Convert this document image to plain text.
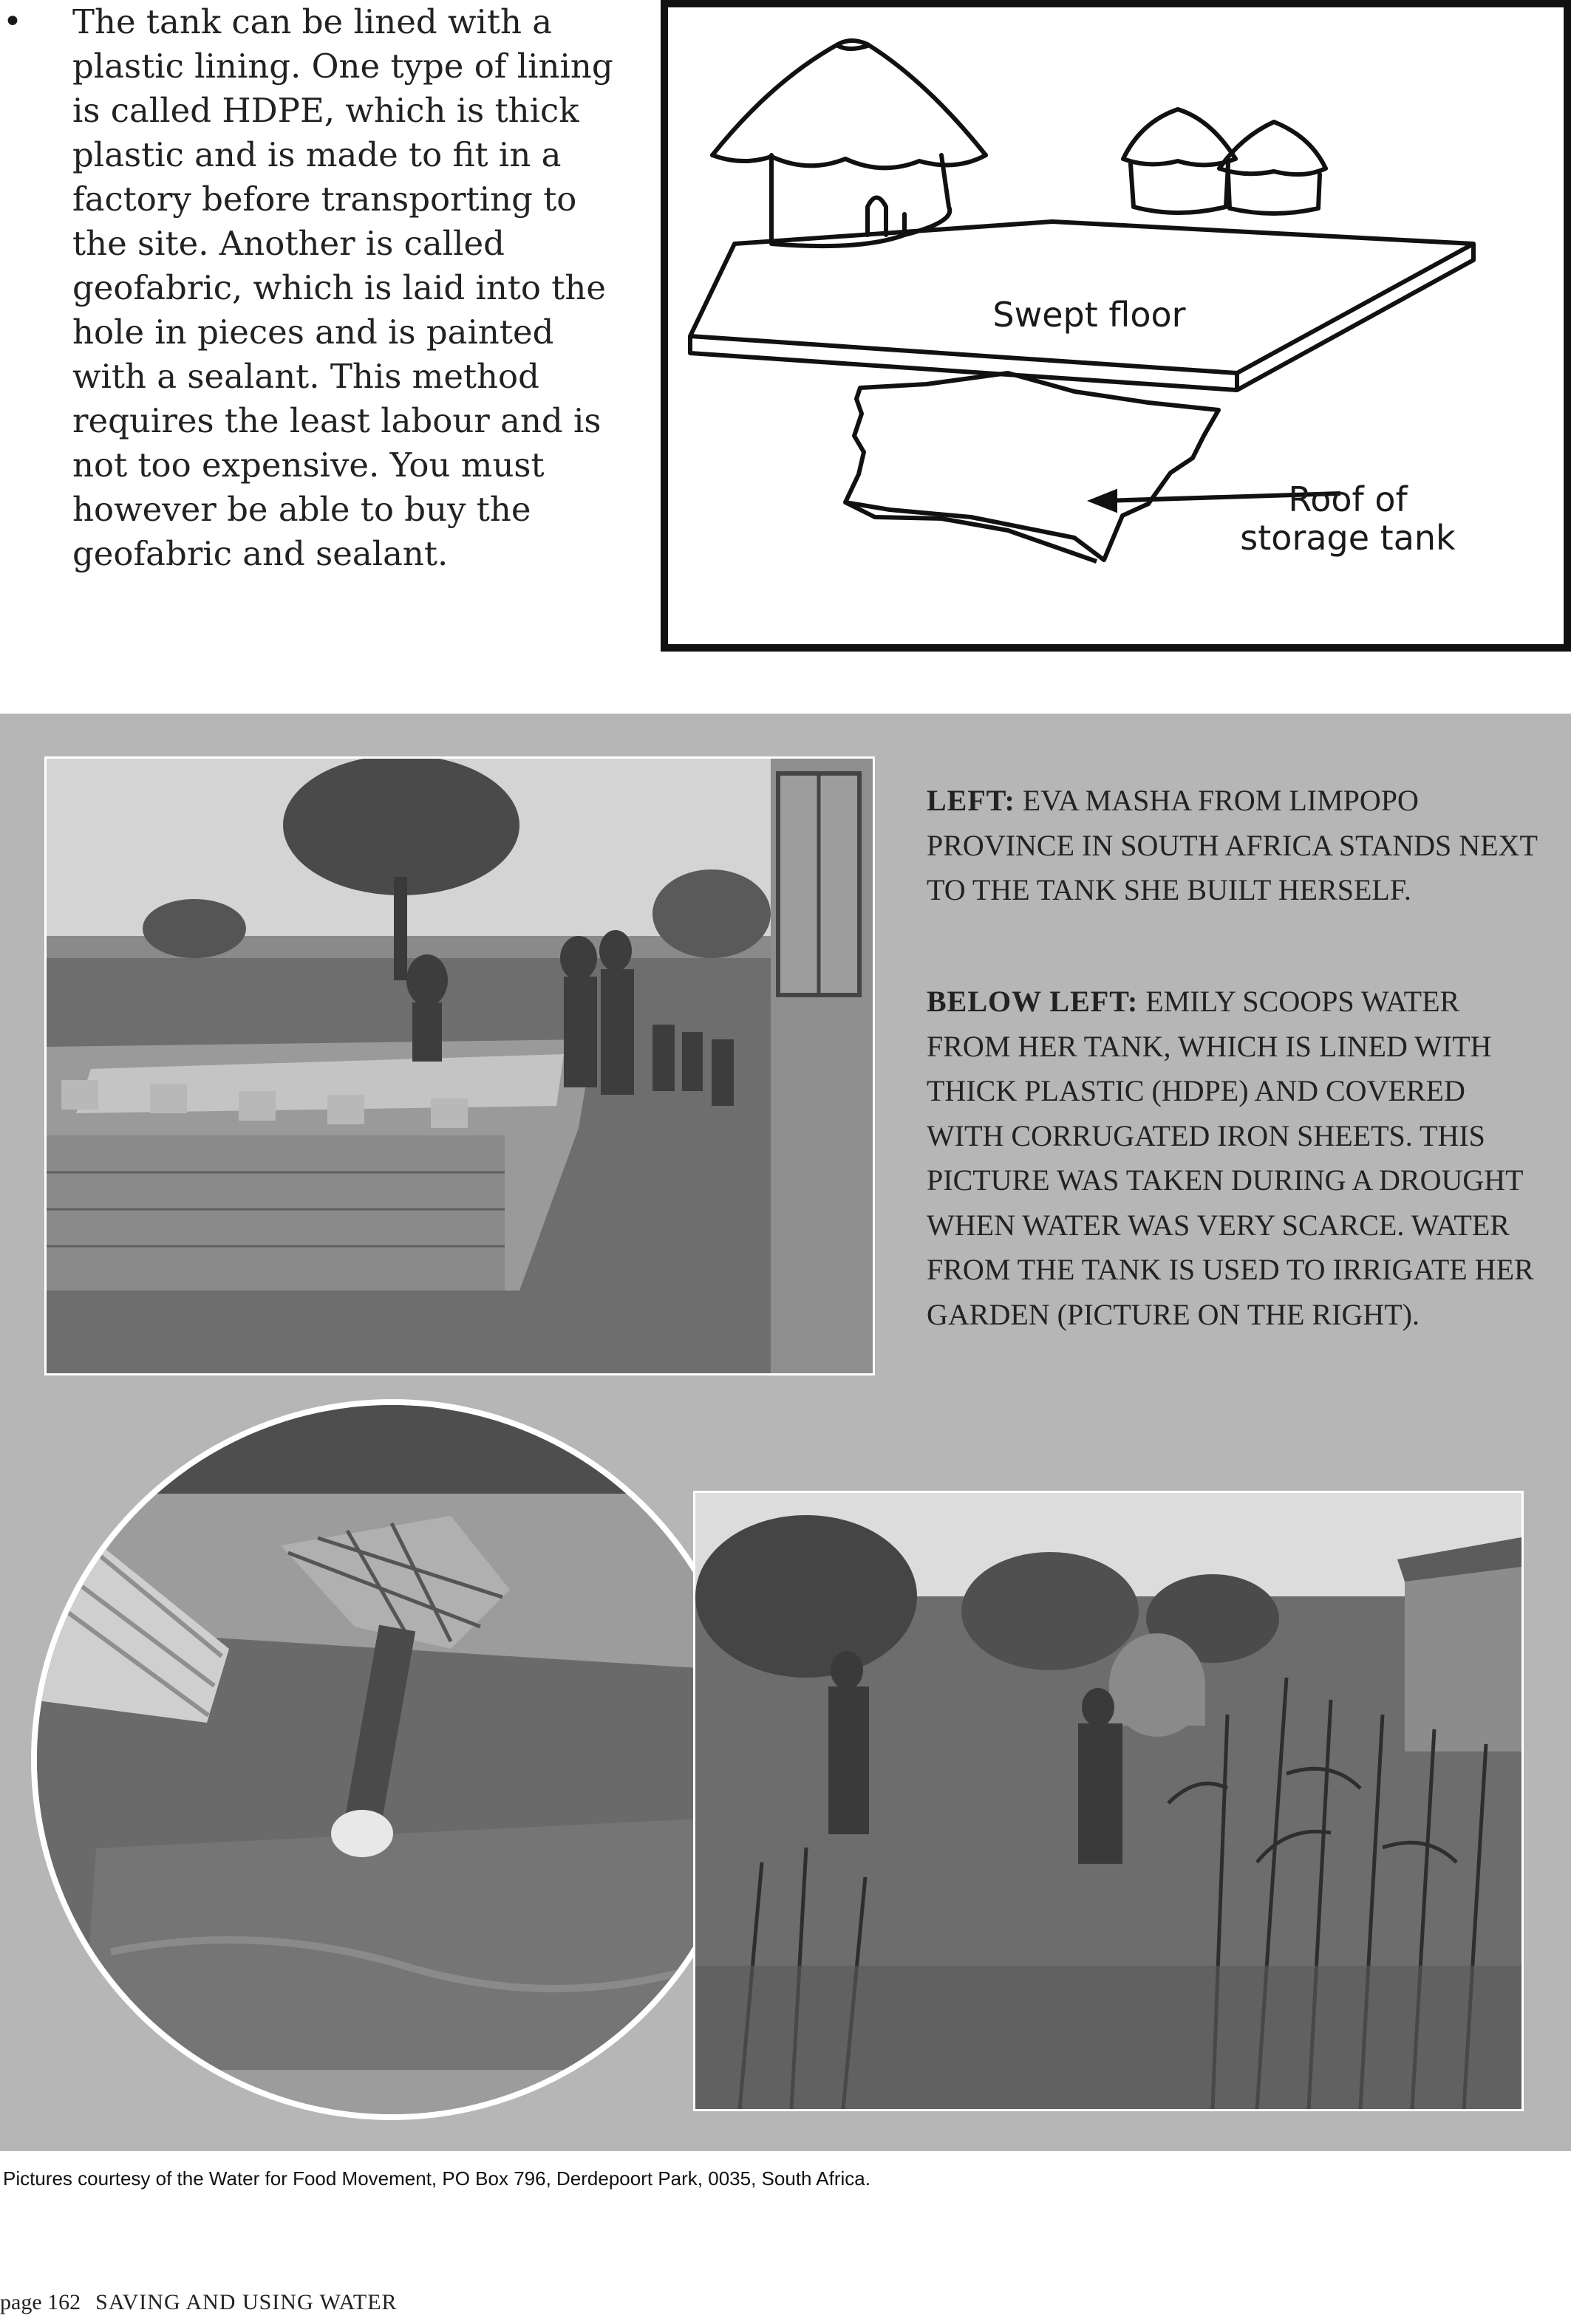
• The tank can be lined with a plastic lining. One type of lining is called HDPE, which is thick plastic and is made to fit in a factory before transporting to the site. Another is called geofabric, which is laid into the hole in pieces and is painted with a sealant. This method requires the least labour and is not too expensive. You must however be able to buy the geofabric and sealant.
Swept floor
Roof of
storage tank
LEFT: EVA MASHA FROM LIMPOPO PROVINCE IN SOUTH AFRICA STANDS NEXT TO THE TANK SHE BUILT HERSELF.
BELOW LEFT: EMILY SCOOPS WATER FROM HER TANK, WHICH IS LINED WITH THICK PLASTIC (HDPE) AND COVERED WITH CORRUGATED IRON SHEETS. THIS PICTURE WAS TAKEN DURING A DROUGHT WHEN WATER WAS VERY SCARCE. WATER FROM THE TANK IS USED TO IRRIGATE HER GARDEN (PICTURE ON THE RIGHT).
Pictures courtesy of the Water for Food Movement, PO Box 796, Derdepoort Park, 0035, South Africa.
page 162 SAVING AND USING WATER
